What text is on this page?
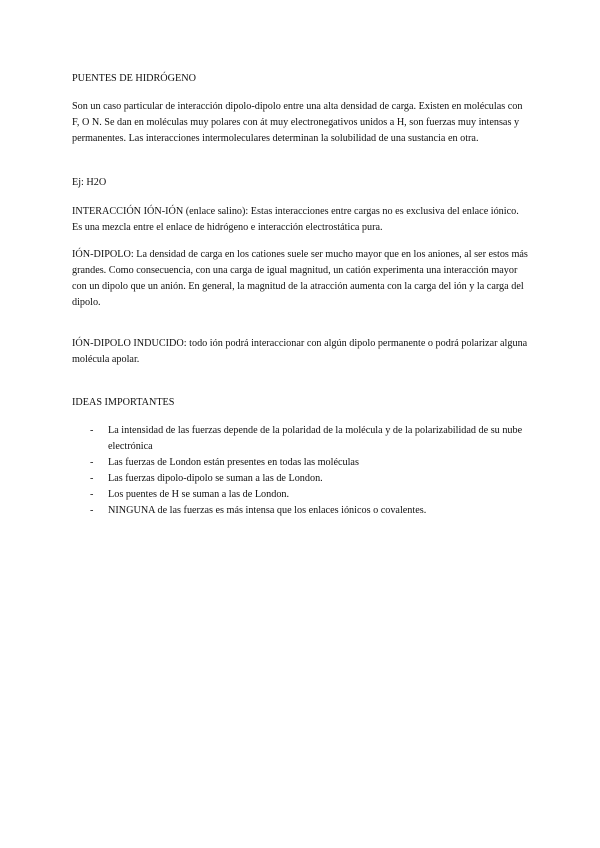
PUENTES DE HIDRÓGENO

Son un caso particular de interacción dipolo-dipolo entre una alta densidad de carga. Existen en moléculas con F, O N. Se dan en moléculas muy polares con át muy electronegativos unidos a H, son fuerzas muy intensas y permanentes. Las interacciones intermoleculares determinan la solubilidad de una sustancia en otra.

Ej: H2O

INTERACCIÓN IÓN-IÓN (enlace salino): Estas interacciones entre cargas no es exclusiva del enlace iónico. Es una mezcla entre el enlace de hidrógeno e interacción electrostática pura.

IÓN-DIPOLO: La densidad de carga en los cationes suele ser mucho mayor que en los aniones, al ser estos más grandes. Como consecuencia, con una carga de igual magnitud, un catión experimenta una interacción mayor con un dipolo que un anión. En general, la magnitud de la atracción aumenta con la carga del ión y la carga del dipolo.

IÓN-DIPOLO INDUCIDO: todo ión podrá interaccionar con algún dipolo permanente o podrá polarizar alguna molécula apolar.

IDEAS IMPORTANTES

- La intensidad de las fuerzas depende de la polaridad de la molécula y de la polarizabilidad de su nube electrónica
- Las fuerzas de London están presentes en todas las moléculas
- Las fuerzas dipolo-dipolo se suman a las de London.
- Los puentes de H se suman a las de London.
- NINGUNA de las fuerzas es más intensa que los enlaces iónicos o covalentes.
